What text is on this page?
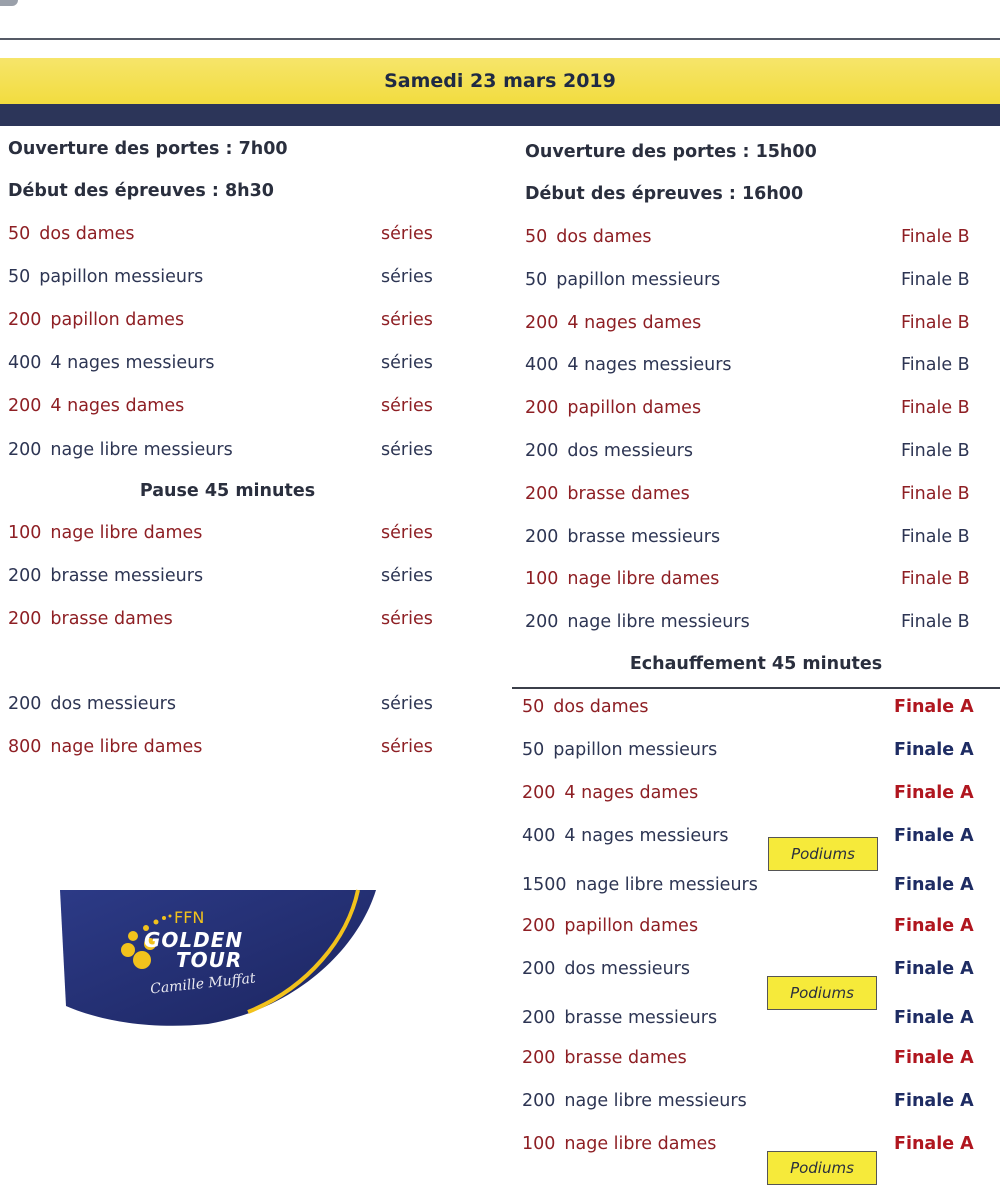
Samedi 23 mars 2019
Ouverture des portes : 7h00
Début des épreuves : 8h30
Ouverture des portes : 15h00
Début des épreuves : 16h00
50 dos dames	séries
50 papillon messieurs	séries
200 papillon dames	séries
400 4 nages messieurs	séries
200 4 nages dames	séries
200 nage libre messieurs	séries
100 nage libre dames	séries
200 brasse messieurs	séries
200 brasse dames	séries
200 dos messieurs	séries
800 nage libre dames	séries
Pause 45 minutes
50 dos dames	Finale B
50 papillon messieurs	Finale B
200 4 nages dames	Finale B
400 4 nages messieurs	Finale B
200 papillon dames	Finale B
200 dos messieurs	Finale B
200 brasse dames	Finale B
200 brasse messieurs	Finale B
100 nage libre dames	Finale B
200 nage libre messieurs	Finale B
Echauffement 45 minutes
50 dos dames	Finale A
50 papillon messieurs	Finale A
200 4 nages dames	Finale A
400 4 nages messieurs	Finale A
1500 nage libre messieurs	Finale A
200 papillon dames	Finale A
200 dos messieurs	Finale A
200 brasse messieurs	Finale A
200 brasse dames	Finale A
200 nage libre messieurs	Finale A
100 nage libre dames	Finale A
Podiums
Podiums
Podiums
FFN
GOLDEN
TOUR
Camille Muffat
